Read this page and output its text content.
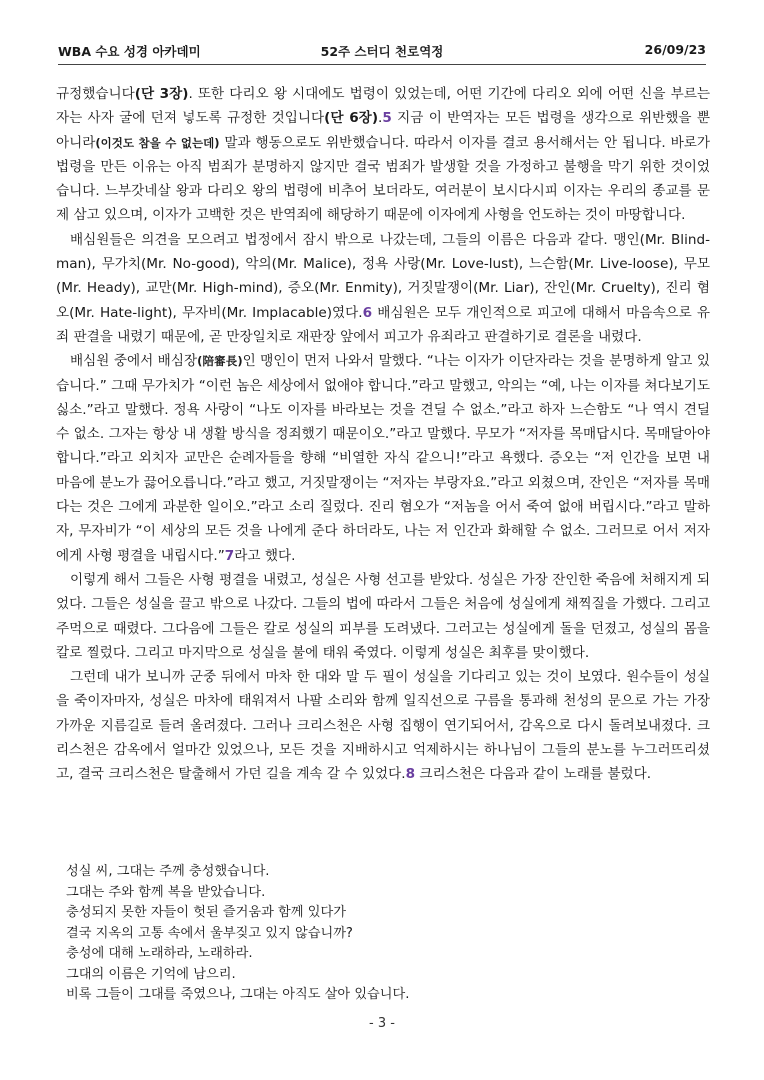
WBA 수요 성경 아카데미	52주 스터디 천로역정	26/09/23

규정했습니다(단 3장). 또한 다리오 왕 시대에도 법령이 있었는데, 어떤 기간에 다리오 외에 어떤 신을 부르는 자는 사자 굴에 던져 넣도록 규정한 것입니다(단 6장).5 지금 이 반역자는 모든 법령을 생각으로 위반했을 뿐 아니라(이것도 참을 수 없는데) 말과 행동으로도 위반했습니다. 따라서 이자를 결코 용서해서는 안 됩니다. 바로가 법령을 만든 이유는 아직 범죄가 분명하지 않지만 결국 범죄가 발생할 것을 가정하고 불행을 막기 위한 것이었습니다. 느부갓네살 왕과 다리오 왕의 법령에 비추어 보더라도, 여러분이 보시다시피 이자는 우리의 종교를 문제 삼고 있으며, 이자가 고백한 것은 반역죄에 해당하기 때문에 이자에게 사형을 언도하는 것이 마땅합니다.

배심원들은 의견을 모으려고 법정에서 잠시 밖으로 나갔는데, 그들의 이름은 다음과 같다. 맹인(Mr. Blind-man), 무가치(Mr. No-good), 악의(Mr. Malice), 정욕 사랑(Mr. Love-lust), 느슨함(Mr. Live-loose), 무모(Mr. Heady), 교만(Mr. High-mind), 증오(Mr. Enmity), 거짓말쟁이(Mr. Liar), 잔인(Mr. Cruelty), 진리 혐오(Mr. Hate-light), 무자비(Mr. Implacable)였다.6 배심원은 모두 개인적으로 피고에 대해서 마음속으로 유죄 판결을 내렸기 때문에, 곧 만장일치로 재판장 앞에서 피고가 유죄라고 판결하기로 결론을 내렸다.

배심원 중에서 배심장(陪審長)인 맹인이 먼저 나와서 말했다. “나는 이자가 이단자라는 것을 분명하게 알고 있습니다.” 그때 무가치가 “이런 놈은 세상에서 없애야 합니다.”라고 말했고, 악의는 “예, 나는 이자를 쳐다보기도 싫소.”라고 말했다. 정욕 사랑이 “나도 이자를 바라보는 것을 견딜 수 없소.”라고 하자 느슨함도 “나 역시 견딜 수 없소. 그자는 항상 내 생활 방식을 정죄했기 때문이오.”라고 말했다. 무모가 “저자를 목매답시다. 목매달아야 합니다.”라고 외치자 교만은 순례자들을 향해 “비열한 자식 같으니!”라고 욕했다. 증오는 “저 인간을 보면 내 마음에 분노가 끓어오릅니다.”라고 했고, 거짓말쟁이는 “저자는 부랑자요.”라고 외쳤으며, 잔인은 “저자를 목매다는 것은 그에게 과분한 일이오.”라고 소리 질렀다. 진리 혐오가 “저놈을 어서 죽여 없애 버립시다.”라고 말하자, 무자비가 “이 세상의 모든 것을 나에게 준다 하더라도, 나는 저 인간과 화해할 수 없소. 그러므로 어서 저자에게 사형 평결을 내립시다.”7라고 했다.

이렇게 해서 그들은 사형 평결을 내렸고, 성실은 사형 선고를 받았다. 성실은 가장 잔인한 죽음에 처해지게 되었다. 그들은 성실을 끌고 밖으로 나갔다. 그들의 법에 따라서 그들은 처음에 성실에게 채찍질을 가했다. 그리고 주먹으로 때렸다. 그다음에 그들은 칼로 성실의 피부를 도려냈다. 그러고는 성실에게 돌을 던졌고, 성실의 몸을 칼로 찔렀다. 그리고 마지막으로 성실을 불에 태워 죽였다. 이렇게 성실은 최후를 맞이했다.

그런데 내가 보니까 군중 뒤에서 마차 한 대와 말 두 필이 성실을 기다리고 있는 것이 보였다. 원수들이 성실을 죽이자마자, 성실은 마차에 태워져서 나팔 소리와 함께 일직선으로 구름을 통과해 천성의 문으로 가는 가장 가까운 지름길로 들려 올려졌다. 그러나 크리스천은 사형 집행이 연기되어서, 감옥으로 다시 돌려보내졌다. 크리스천은 감옥에서 얼마간 있었으나, 모든 것을 지배하시고 억제하시는 하나님이 그들의 분노를 누그러뜨리셨고, 결국 크리스천은 탈출해서 가던 길을 계속 갈 수 있었다.8 크리스천은 다음과 같이 노래를 불렀다.

성실 씨, 그대는 주께 충성했습니다.
그대는 주와 함께 복을 받았습니다.
충성되지 못한 자들이 헛된 즐거움과 함께 있다가
결국 지옥의 고통 속에서 울부짖고 있지 않습니까?
충성에 대해 노래하라, 노래하라.
그대의 이름은 기억에 남으리.
비록 그들이 그대를 죽였으나, 그대는 아직도 살아 있습니다.
- 3 -
